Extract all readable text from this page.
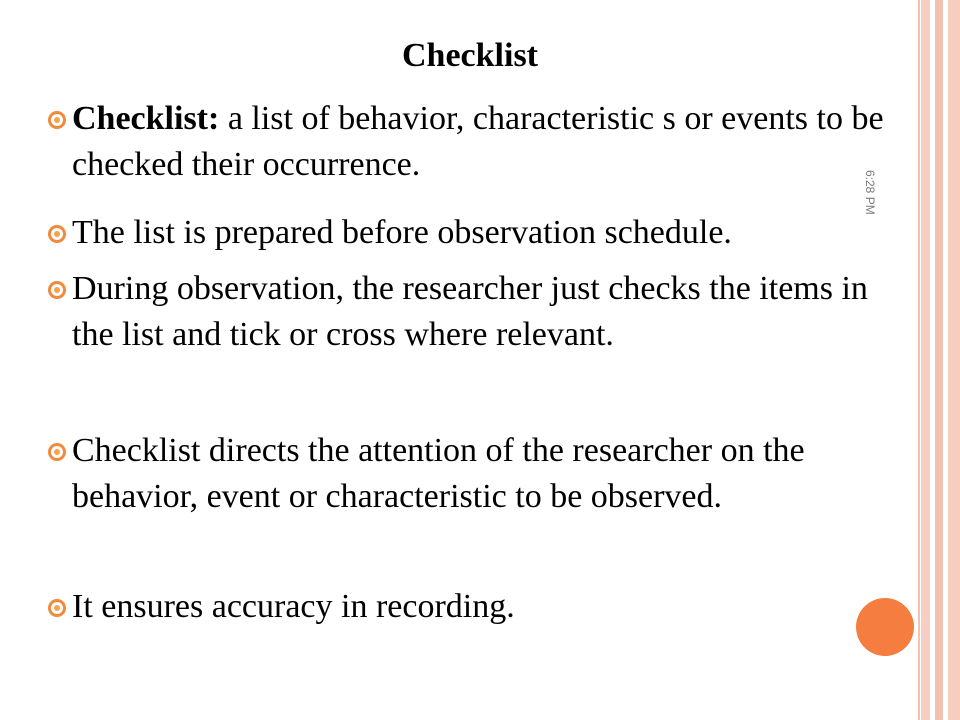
Checklist
6:28 PM
Checklist: a list of behavior, characteristic s or events to be checked their occurrence.
The list is prepared before observation schedule.
During observation, the researcher just checks the items in the list and tick or cross where relevant.
Checklist directs the attention of the researcher on the behavior, event or characteristic to be observed.
It ensures accuracy in recording.
